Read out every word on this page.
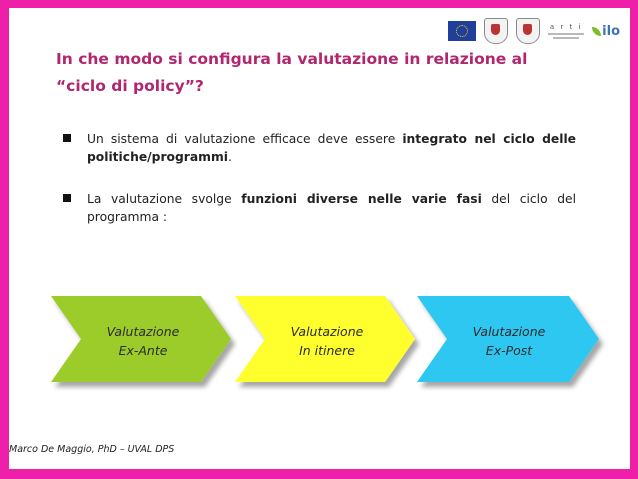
a r t i ilo
In che modo si configura la valutazione in relazione al
“ciclo di policy”?
Un sistema di valutazione efficace deve essere integrato nel ciclo delle politiche/programmi.
La valutazione svolge funzioni diverse nelle varie fasi del ciclo del programma :
Valutazione
Ex-Ante
Valutazione
In itinere
Valutazione
Ex-Post
Marco De Maggio, PhD – UVAL DPS
